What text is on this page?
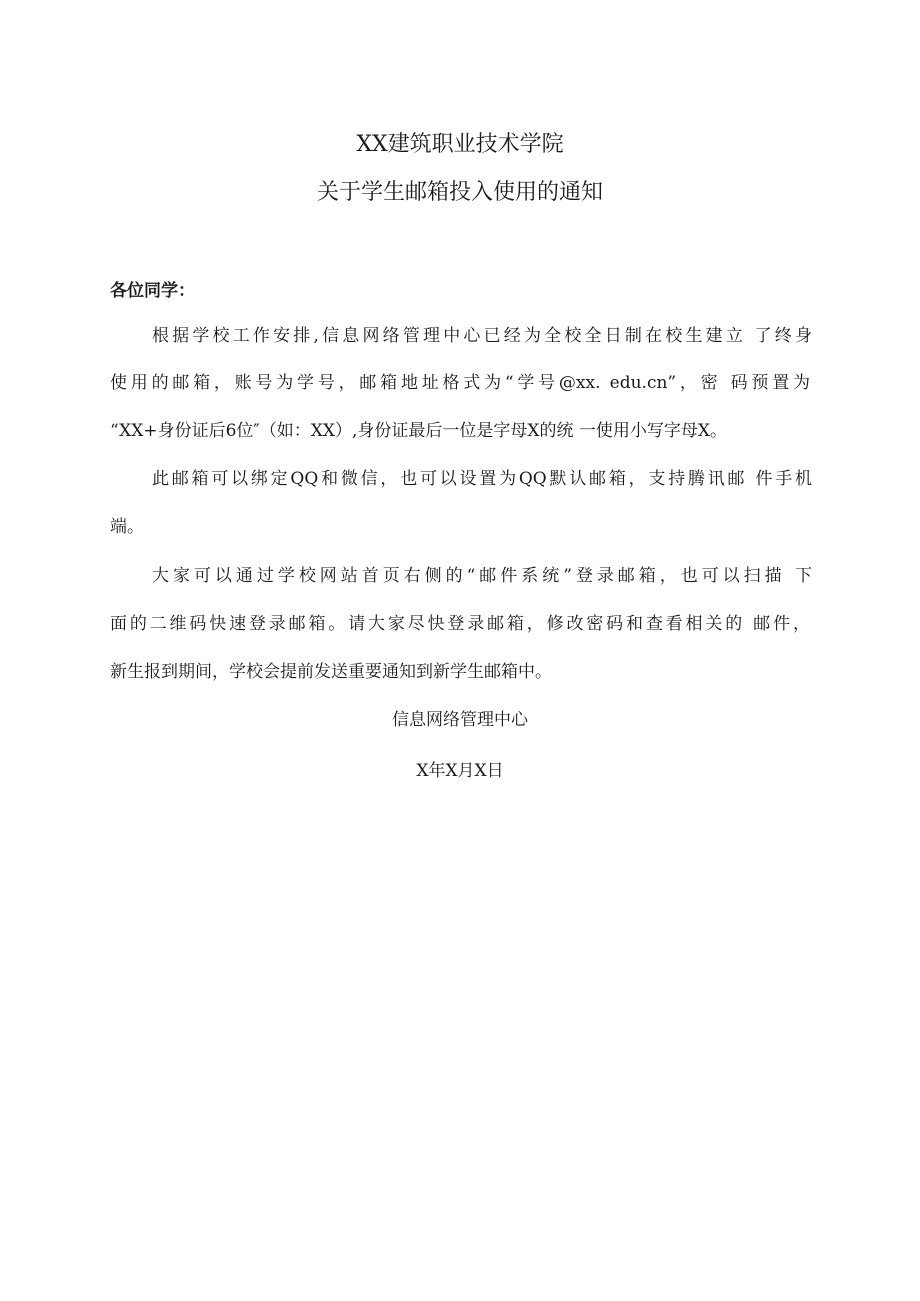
XX建筑职业技术学院
关于学生邮箱投入使用的通知
各位同学：
根据学校工作安排,信息网络管理中心已经为全校全日制在校生建立 了终身
使用的邮箱，账号为学号，邮箱地址格式为“学号@xx. edu.cn”，密 码预置为
“XX+身份证后6位″（如：XX）,身份证最后一位是字母X的统 一使用小写字母X。
此邮箱可以绑定QQ和微信，也可以设置为QQ默认邮箱，支持腾讯邮 件手机
端。
大家可以通过学校网站首页右侧的“邮件系统”登录邮箱，也可以扫描 下
面的二维码快速登录邮箱。请大家尽快登录邮箱，修改密码和查看相关的 邮件，
新生报到期间，学校会提前发送重要通知到新学生邮箱中。
信息网络管理中心
X年X月X日
